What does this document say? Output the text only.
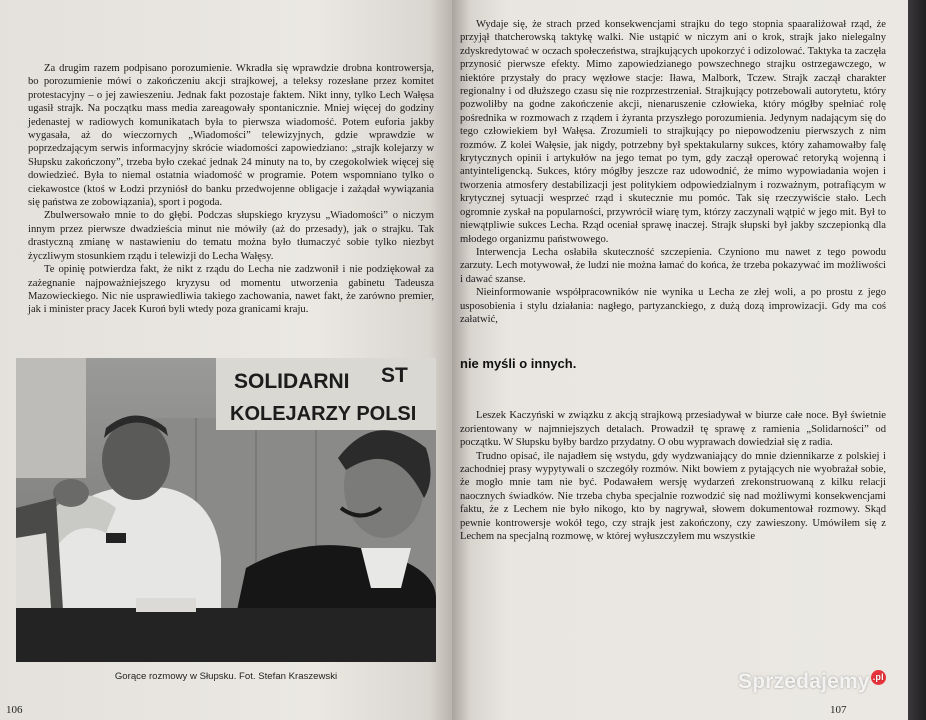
Za drugim razem podpisano porozumienie. Wkradła się wprawdzie drobna kontrowersja, bo porozumienie mówi o zakończeniu akcji strajkowej, a teleksy rozesłane przez komitet protestacyjny – o jej zawieszeniu. Jednak fakt pozostaje faktem. Nikt inny, tylko Lech Wałęsa ugasił strajk. Na początku mass media zareagowały spontanicznie. Mniej więcej do godziny jedenastej w radiowych komunikatach była to pierwsza wiadomość. Potem euforia jakby wygasała, aż do wieczornych „Wiadomości” telewizyjnych, gdzie wprawdzie w poprzedzającym serwis informacyjny skrócie wiadomości zapowiedziano: „strajk kolejarzy w Słupsku zakończony”, trzeba było czekać jednak 24 minuty na to, by czegokolwiek więcej się dowiedzieć. Była to niemal ostatnia wiadomość w programie. Potem wspomniano tylko o ciekawostce (ktoś w Łodzi przyniósł do banku przedwojenne obligacje i zażądał wywiązania się państwa ze zobowiązania), sport i pogoda.

Zbulwersowało mnie to do głębi. Podczas słupskiego kryzysu „Wiadomości” o niczym innym przez pierwsze dwadzieścia minut nie mówiły (aż do przesady), jak o strajku. Tak drastyczną zmianę w nastawieniu do tematu można było tłumaczyć sobie tylko niezbyt życzliwym stosunkiem rządu i telewizji do Lecha Wałęsy.

Te opinię potwierdza fakt, że nikt z rządu do Lecha nie zadzwonił i nie podziękował za zażegnanie najpoważniejszego kryzysu od momentu utworzenia gabinetu Tadeusza Mazowieckiego. Nic nie usprawiedliwia takiego zachowania, nawet fakt, że zarówno premier, jak i minister pracy Jacek Kuroń byli wtedy poza granicami kraju.

SOLIDARNI ST
KOLEJARZY POLSI
Gorące rozmowy w Słupsku. Fot. Stefan Kraszewski
106

Wydaje się, że strach przed konsekwencjami strajku do tego stopnia spaaraliżował rząd, że przyjął thatcherowską taktykę walki. Nie ustąpić w niczym ani o krok, strajk jako nielegalny zdyskredytować w oczach społeczeństwa, strajkujących upokorzyć i odizolować. Taktyka ta zaczęła przynosić pierwsze efekty. Mimo zapowiedzianego powszechnego strajku ostrzegawczego, w niektóre przystały do pracy węzłowe stacje: Iława, Malbork, Tczew. Strajk zaczął charakter regionalny i od dłuższego czasu się nie rozprzestrzeniał. Strajkujący potrzebowali autorytetu, który pozwoliłby na godne zakończenie akcji, nienaruszenie człowieka, który mógłby spełniać rolę pośrednika w rozmowach z rządem i żyranta przyszłego porozumienia. Jedynym nadającym się do tego człowiekiem był Wałęsa. Zrozumieli to strajkujący po niepowodzeniu pierwszych z nim rozmów. Z kolei Wałęsie, jak nigdy, potrzebny był spektakularny sukces, który zahamowałby falę krytycznych opinii i artykułów na jego temat po tym, gdy zaczął operować retoryką wojenną i antyinteligencką. Sukces, który mógłby jeszcze raz udowodnić, że mimo wypowiadania wojen i tworzenia atmosfery destabilizacji jest politykiem odpowiedzialnym i rozważnym, potrafiącym w krytycznej sytuacji wesprzeć rząd i skutecznie mu pomóc. Tak się rzeczywiście stało. Lech ogromnie zyskał na popularności, przywrócił wiarę tym, którzy zaczynali wątpić w jego mit. Był to niewątpliwie sukces Lecha. Rząd oceniał sprawę inaczej. Strajk słupski był jakby szczepionką dla młodego organizmu państwowego.

Interwencja Lecha osłabiła skuteczność szczepienia. Czyniono mu nawet z tego powodu zarzuty. Lech motywował, że ludzi nie można łamać do końca, że trzeba pokazywać im możliwości i dawać szanse.

Nieinformowanie współpracowników nie wynika u Lecha ze złej woli, a po prostu z jego usposobienia i stylu działania: nagłego, partyzanckiego, z dużą dozą improwizacji. Gdy ma coś załatwić,

nie myśli o innych.

Leszek Kaczyński w związku z akcją strajkową przesiadywał w biurze całe noce. Był świetnie zorientowany w najmniejszych detalach. Prowadził tę sprawę z ramienia „Solidarności” od początku. W Słupsku byłby bardzo przydatny. O obu wyprawach dowiedział się z radia.

Trudno opisać, ile najadłem się wstydu, gdy wydzwaniający do mnie dziennikarze z polskiej i zachodniej prasy wypytywali o szczegóły rozmów. Nikt bowiem z pytających nie wyobrażał sobie, że mogło mnie tam nie być. Podawałem wersję wydarzeń zrekonstruowaną z kilku relacji naocznych świadków. Nie trzeba chyba specjalnie rozwodzić się nad możliwymi konsekwencjami faktu, że z Lechem nie było nikogo, kto by nagrywał, słowem dokumentował rozmowy. Skąd pewnie kontrowersje wokół tego, czy strajk jest zakończony, czy zawieszony. Umówiłem się z Lechem na specjalną rozmowę, w której wyłuszczyłem mu wszystkie

107
Sprzedajemy .pl
